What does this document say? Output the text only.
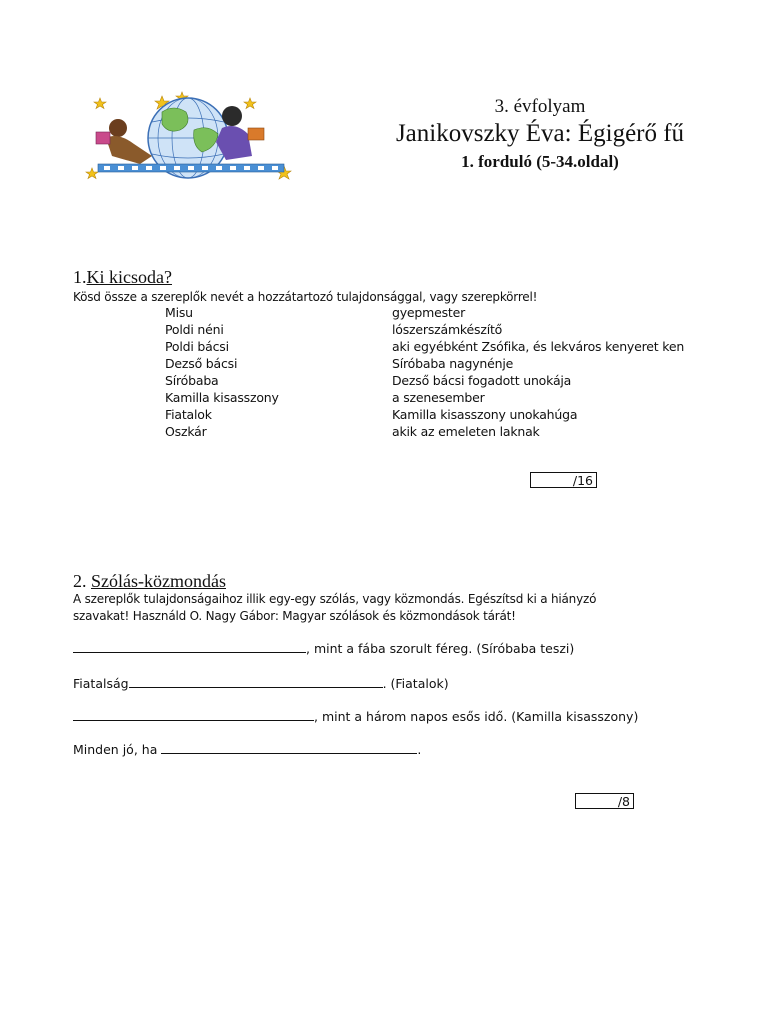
3. évfolyam
Janikovszky Éva: Égigérő fű
1. forduló (5-34.oldal)
1.Ki kicsoda?
Kösd össze a szereplők nevét a hozzátartozó tulajdonsággal, vagy szerepkörrel!
Misu	gyepmester
Poldi néni	lószerszámkészítő
Poldi bácsi	aki egyébként Zsófika, és lekváros kenyeret ken
Dezső bácsi	Síróbaba nagynénje
Síróbaba	Dezső bácsi fogadott unokája
Kamilla kisasszony	a szenesember
Fiatalok	Kamilla kisasszony unokahúga
Oszkár	akik az emeleten laknak
/16
2. Szólás-közmondás
A szereplők tulajdonságaihoz illik egy-egy szólás, vagy közmondás. Egészítsd ki a hiányzó
szavakat! Használd O. Nagy Gábor: Magyar szólások és közmondások tárát!
, mint a fába szorult féreg. (Síróbaba teszi)
Fiatalság	. (Fiatalok)
, mint a három napos esős idő. (Kamilla kisasszony)
Minden jó, ha	.
/8
